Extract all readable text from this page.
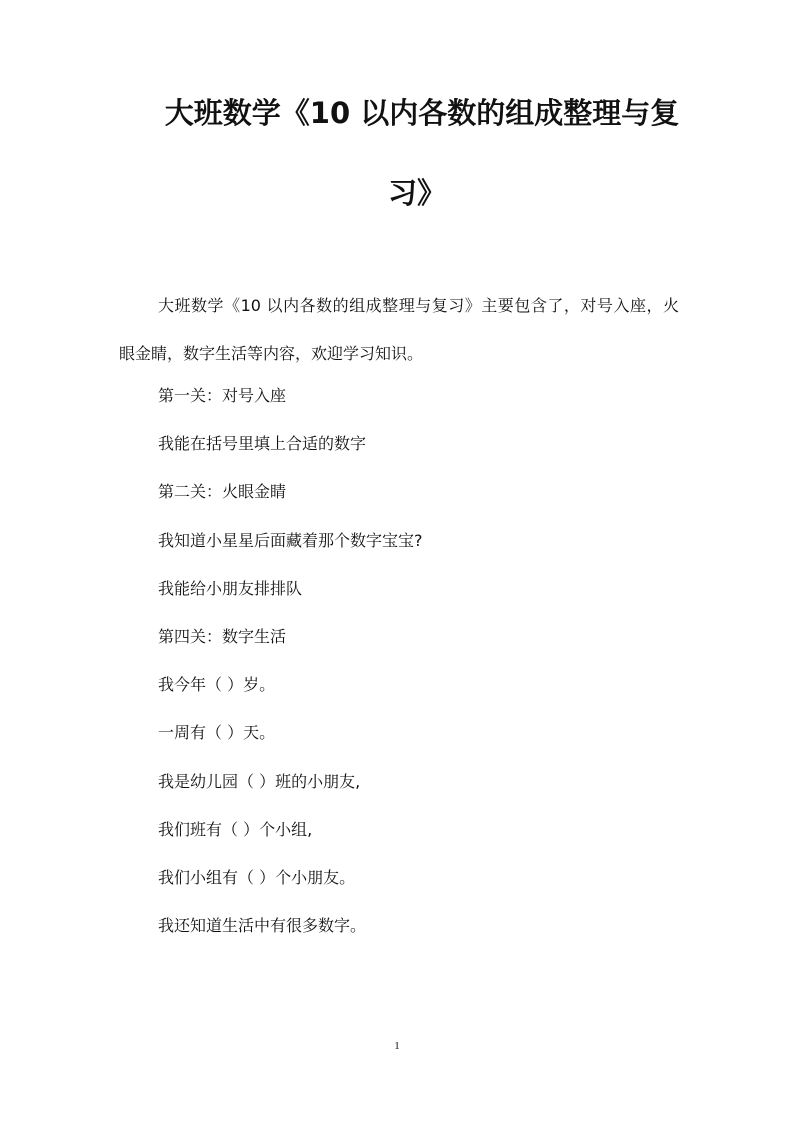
大班数学《10 以内各数的组成整理与复
习》

大班数学《10 以内各数的组成整理与复习》主要包含了，对号入座，火眼金睛，数字生活等内容，欢迎学习知识。

第一关：对号入座
我能在括号里填上合适的数字
第二关：火眼金睛
我知道小星星后面藏着那个数字宝宝?
我能给小朋友排排队
第四关：数字生活
我今年（ ）岁。
一周有（ ）天。
我是幼儿园（ ）班的小朋友,
我们班有（ ）个小组,
我们小组有（ ）个小朋友。
我还知道生活中有很多数字。
1
